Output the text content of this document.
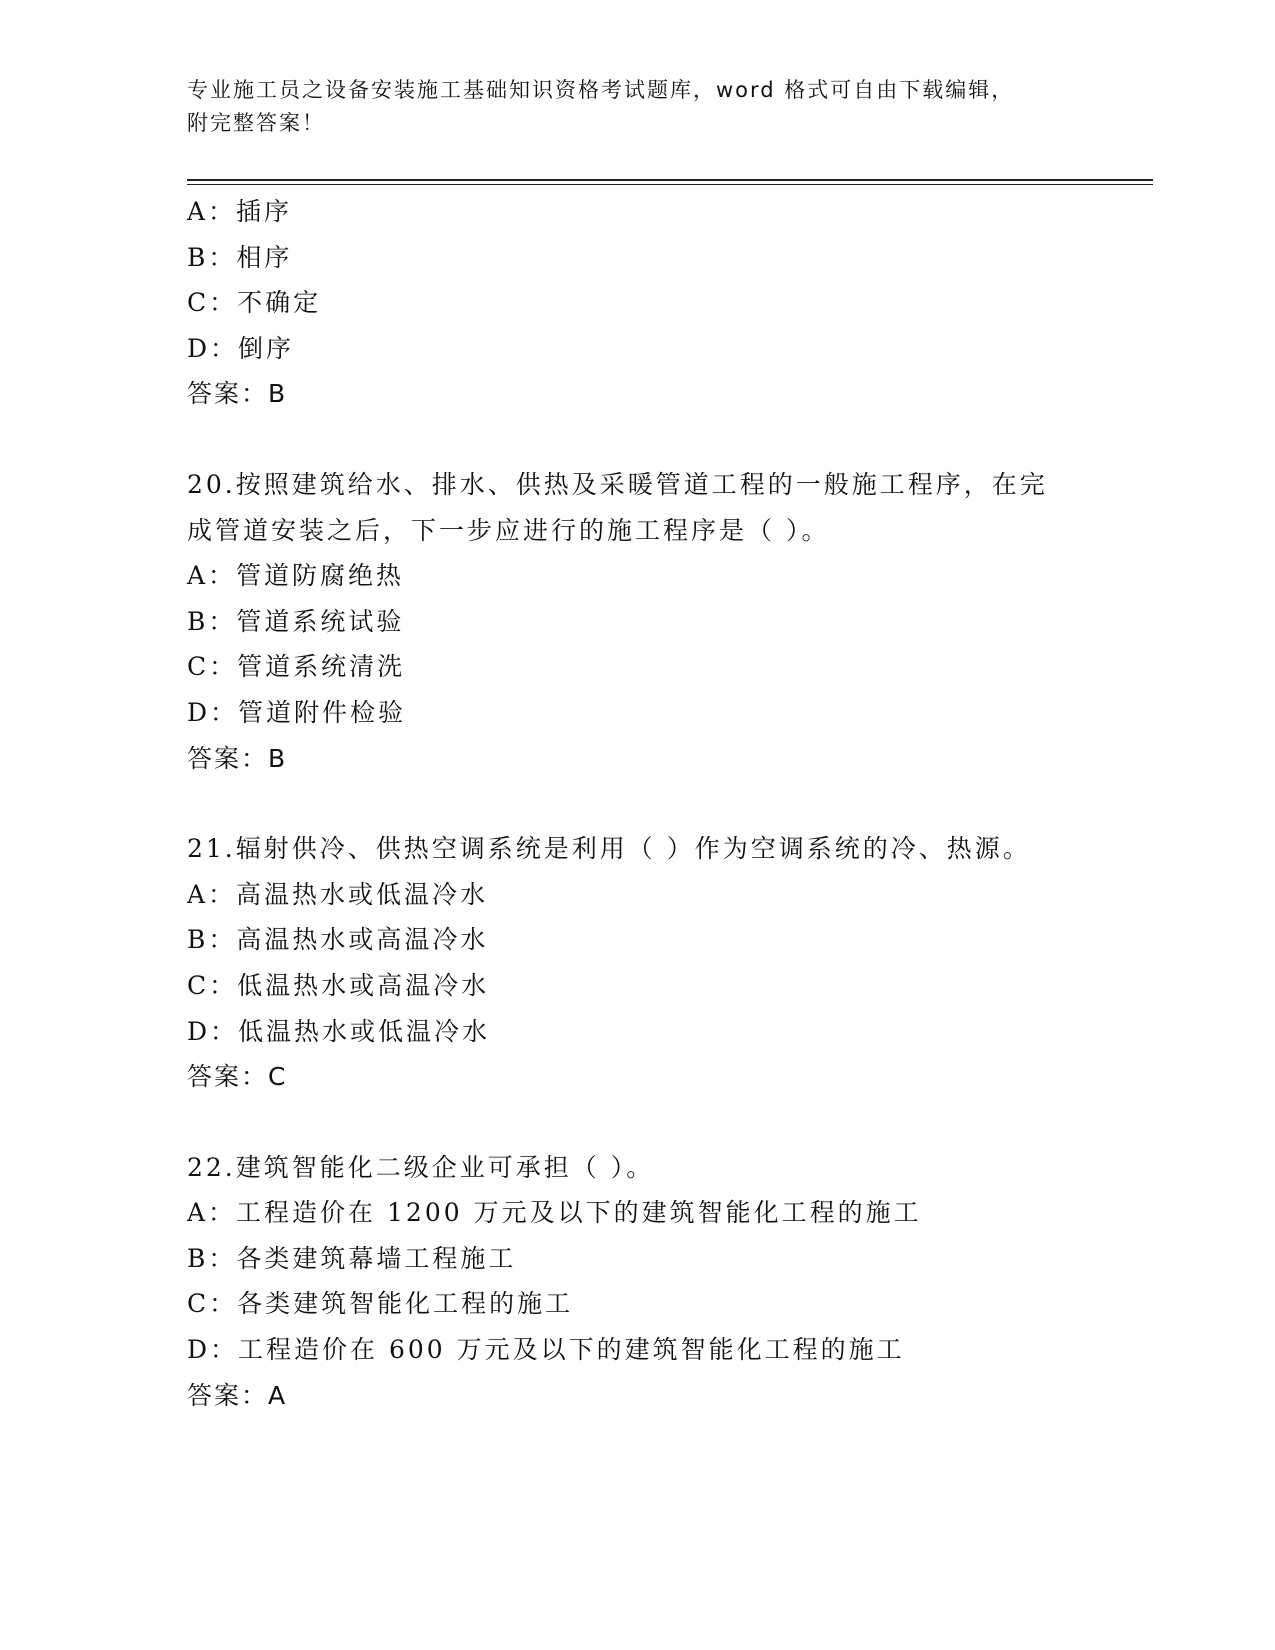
专业施工员之设备安装施工基础知识资格考试题库，word 格式可自由下载编辑，
附完整答案！
A：插序
B：相序
C：不确定
D：倒序
答案：B
20.按照建筑给水、排水、供热及采暖管道工程的一般施工程序，在完
成管道安装之后，下一步应进行的施工程序是（ ）。
A：管道防腐绝热
B：管道系统试验
C：管道系统清洗
D：管道附件检验
答案：B
21.辐射供冷、供热空调系统是利用（ ）作为空调系统的冷、热源。
A：高温热水或低温冷水
B：高温热水或高温冷水
C：低温热水或高温冷水
D：低温热水或低温冷水
答案：C
22.建筑智能化二级企业可承担（ ）。
A：工程造价在 1200 万元及以下的建筑智能化工程的施工
B：各类建筑幕墙工程施工
C：各类建筑智能化工程的施工
D：工程造价在 600 万元及以下的建筑智能化工程的施工
答案：A
